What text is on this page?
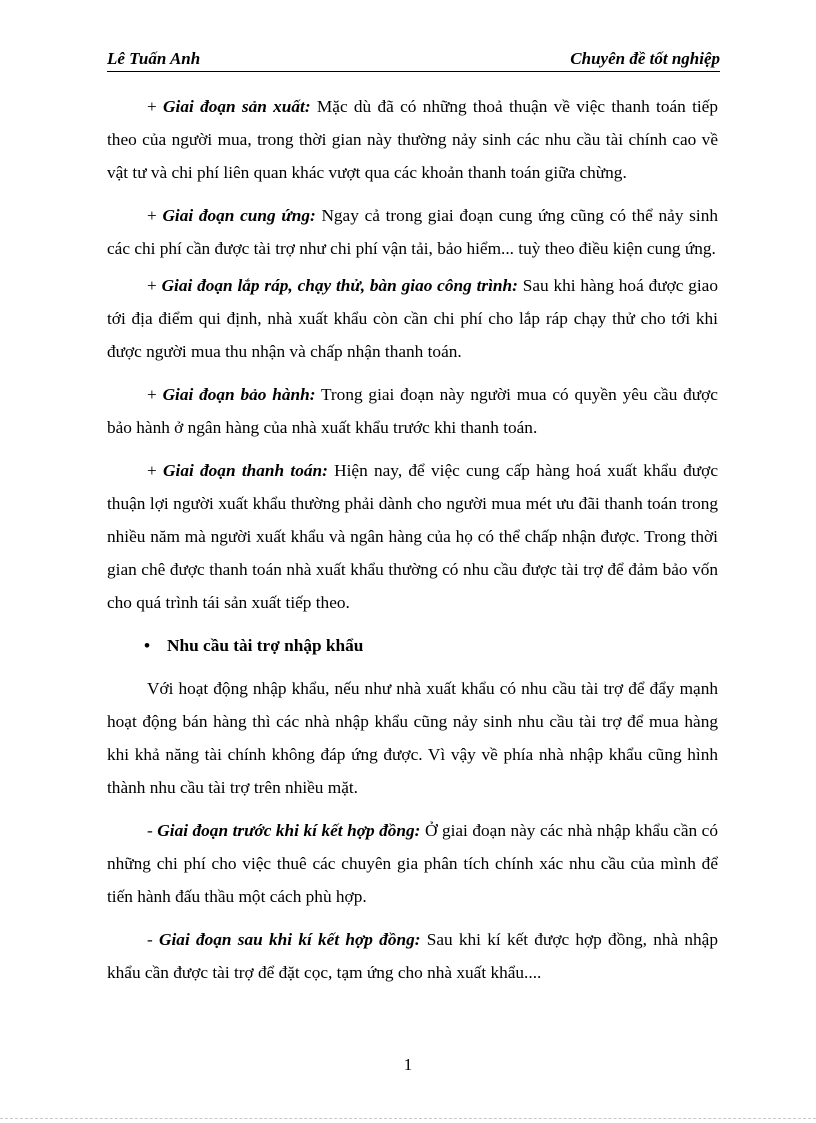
Lê Tuấn Anh	Chuyên đề tốt nghiệp

+ Giai đoạn sản xuất: Mặc dù đã có những thoả thuận về việc thanh toán tiếp theo của người mua, trong thời gian này thường nảy sinh các nhu cầu tài chính cao về vật tư và chi phí liên quan khác vượt qua các khoản thanh toán giữa chừng.

+ Giai đoạn cung ứng: Ngay cả trong giai đoạn cung ứng cũng có thể nảy sinh các chi phí cần được tài trợ như chi phí vận tải, bảo hiểm... tuỳ theo điều kiện cung ứng.

+ Giai đoạn lắp ráp, chạy thử, bàn giao công trình: Sau khi hàng hoá được giao tới địa điểm qui định, nhà xuất khẩu còn cần chi phí cho lắp ráp chạy thử cho tới khi được người mua thu nhận và chấp nhận thanh toán.

+ Giai đoạn bảo hành: Trong giai đoạn này người mua có quyền yêu cầu được bảo hành ở ngân hàng của nhà xuất khẩu trước khi thanh toán.

+ Giai đoạn thanh toán: Hiện nay, để việc cung cấp hàng hoá xuất khẩu được thuận lợi người xuất khẩu thường phải dành cho người mua mét ưu đãi thanh toán trong nhiều năm mà người xuất khẩu và ngân hàng của họ có thể chấp nhận được. Trong thời gian chê được thanh toán nhà xuất khẩu thường có nhu cầu được tài trợ để đảm bảo vốn cho quá trình tái sản xuất tiếp theo.

• Nhu cầu tài trợ nhập khẩu

Với hoạt động nhập khẩu, nếu như nhà xuất khẩu có nhu cầu tài trợ để đẩy mạnh hoạt động bán hàng thì các nhà nhập khẩu cũng nảy sinh nhu cầu tài trợ để mua hàng khi khả năng tài chính không đáp ứng được. Vì vậy về phía nhà nhập khẩu cũng hình thành nhu cầu tài trợ trên nhiều mặt.

- Giai đoạn trước khi kí kết hợp đồng: Ở giai đoạn này các nhà nhập khẩu cần có những chi phí cho việc thuê các chuyên gia phân tích chính xác nhu cầu của mình để tiến hành đấu thầu một cách phù hợp.

- Giai đoạn sau khi kí kết hợp đồng: Sau khi kí kết được hợp đồng, nhà nhập khẩu cần được tài trợ để đặt cọc, tạm ứng cho nhà xuất khẩu....

1
